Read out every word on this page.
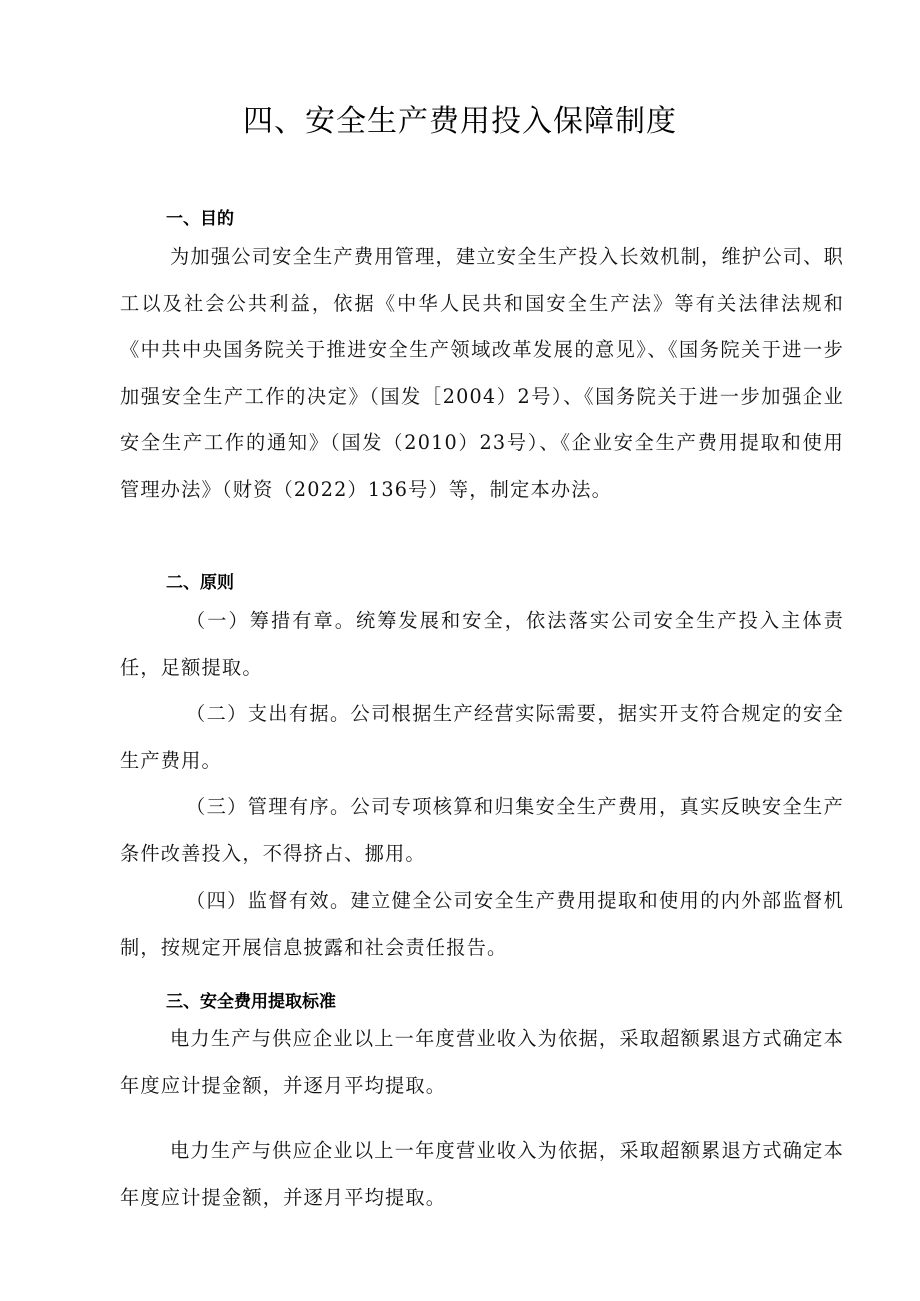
四、安全生产费用投入保障制度
一、目的

为加强公司安全生产费用管理，建立安全生产投入长效机制，维护公司、职工以及社会公共利益，依据《中华人民共和国安全生产法》等有关法律法规和《中共中央国务院关于推进安全生产领域改革发展的意见》、《国务院关于进一步加强安全生产工作的决定》（国发［2004）2号）、《国务院关于进一步加强企业安全生产工作的通知》（国发（2010）23号）、《企业安全生产费用提取和使用管理办法》（财资（2022）136号）等，制定本办法。

二、原则

（一）筹措有章。统筹发展和安全，依法落实公司安全生产投入主体责任，足额提取。

（二）支出有据。公司根据生产经营实际需要，据实开支符合规定的安全生产费用。

（三）管理有序。公司专项核算和归集安全生产费用，真实反映安全生产条件改善投入，不得挤占、挪用。

（四）监督有效。建立健全公司安全生产费用提取和使用的内外部监督机制，按规定开展信息披露和社会责任报告。

三、安全费用提取标准

电力生产与供应企业以上一年度营业收入为依据，采取超额累退方式确定本年度应计提金额，并逐月平均提取。

电力生产与供应企业以上一年度营业收入为依据，采取超额累退方式确定本年度应计提金额，并逐月平均提取。
